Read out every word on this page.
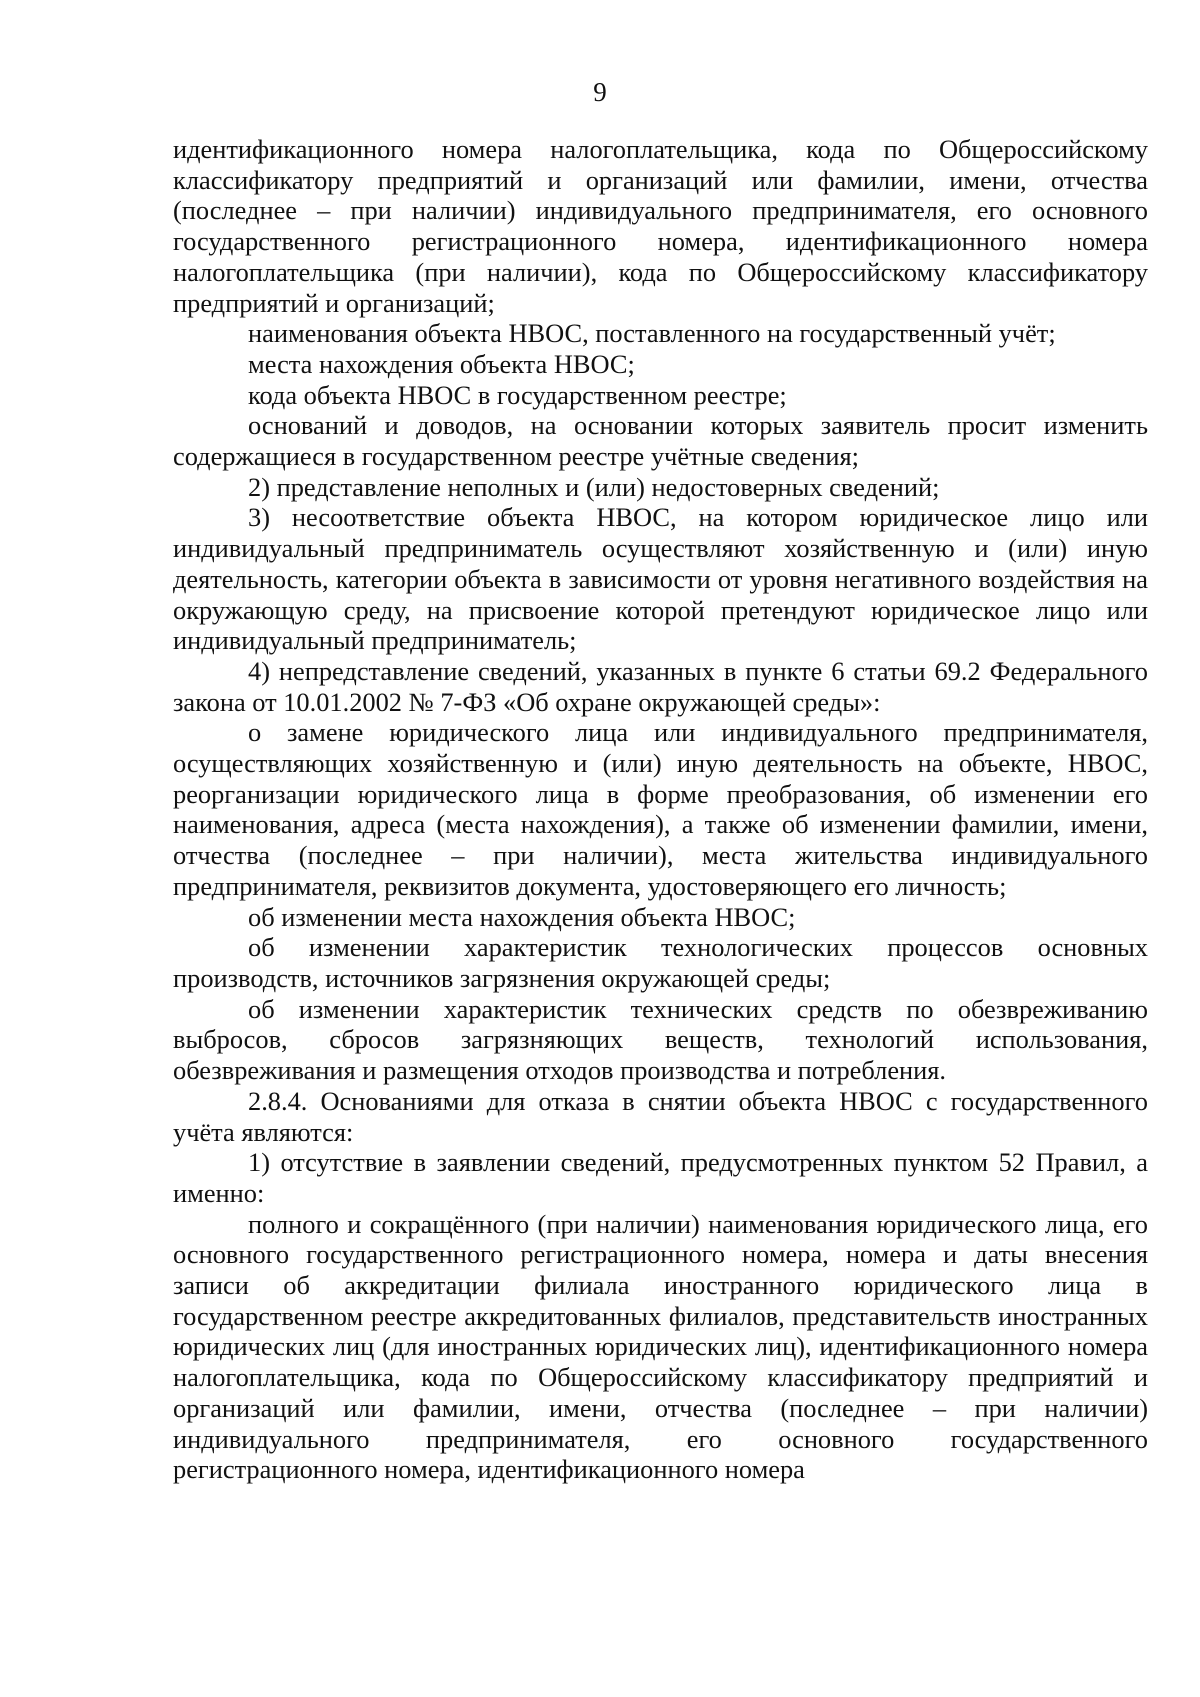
9

идентификационного номера налогоплательщика, кода по Общероссийскому классификатору предприятий и организаций или фамилии, имени, отчества (последнее – при наличии) индивидуального предпринимателя, его основного государственного регистрационного номера, идентификационного номера налогоплательщика (при наличии), кода по Общероссийскому классификатору предприятий и организаций;

наименования объекта НВОС, поставленного на государственный учёт;

места нахождения объекта НВОС;

кода объекта НВОС в государственном реестре;

оснований и доводов, на основании которых заявитель просит изменить содержащиеся в государственном реестре учётные сведения;

2) представление неполных и (или) недостоверных сведений;

3) несоответствие объекта НВОС, на котором юридическое лицо или индивидуальный предприниматель осуществляют хозяйственную и (или) иную деятельность, категории объекта в зависимости от уровня негативного воздействия на окружающую среду, на присвоение которой претендуют юридическое лицо или индивидуальный предприниматель;

4) непредставление сведений, указанных в пункте 6 статьи 69.2 Федерального закона от 10.01.2002 № 7-ФЗ «Об охране окружающей среды»:

о замене юридического лица или индивидуального предпринимателя, осуществляющих хозяйственную и (или) иную деятельность на объекте, НВОС, реорганизации юридического лица в форме преобразования, об изменении его наименования, адреса (места нахождения), а также об изменении фамилии, имени, отчества (последнее – при наличии), места жительства индивидуального предпринимателя, реквизитов документа, удостоверяющего его личность;

об изменении места нахождения объекта НВОС;

об изменении характеристик технологических процессов основных производств, источников загрязнения окружающей среды;

об изменении характеристик технических средств по обезвреживанию выбросов, сбросов загрязняющих веществ, технологий использования, обезвреживания и размещения отходов производства и потребления.

2.8.4. Основаниями для отказа в снятии объекта НВОС с государственного учёта являются:

1) отсутствие в заявлении сведений, предусмотренных пунктом 52 Правил, а именно:

полного и сокращённого (при наличии) наименования юридического лица, его основного государственного регистрационного номера, номера и даты внесения записи об аккредитации филиала иностранного юридического лица в государственном реестре аккредитованных филиалов, представительств иностранных юридических лиц (для иностранных юридических лиц), идентификационного номера налогоплательщика, кода по Общероссийскому классификатору предприятий и организаций или фамилии, имени, отчества (последнее – при наличии) индивидуального предпринимателя, его основного государственного регистрационного номера, идентификационного номера
